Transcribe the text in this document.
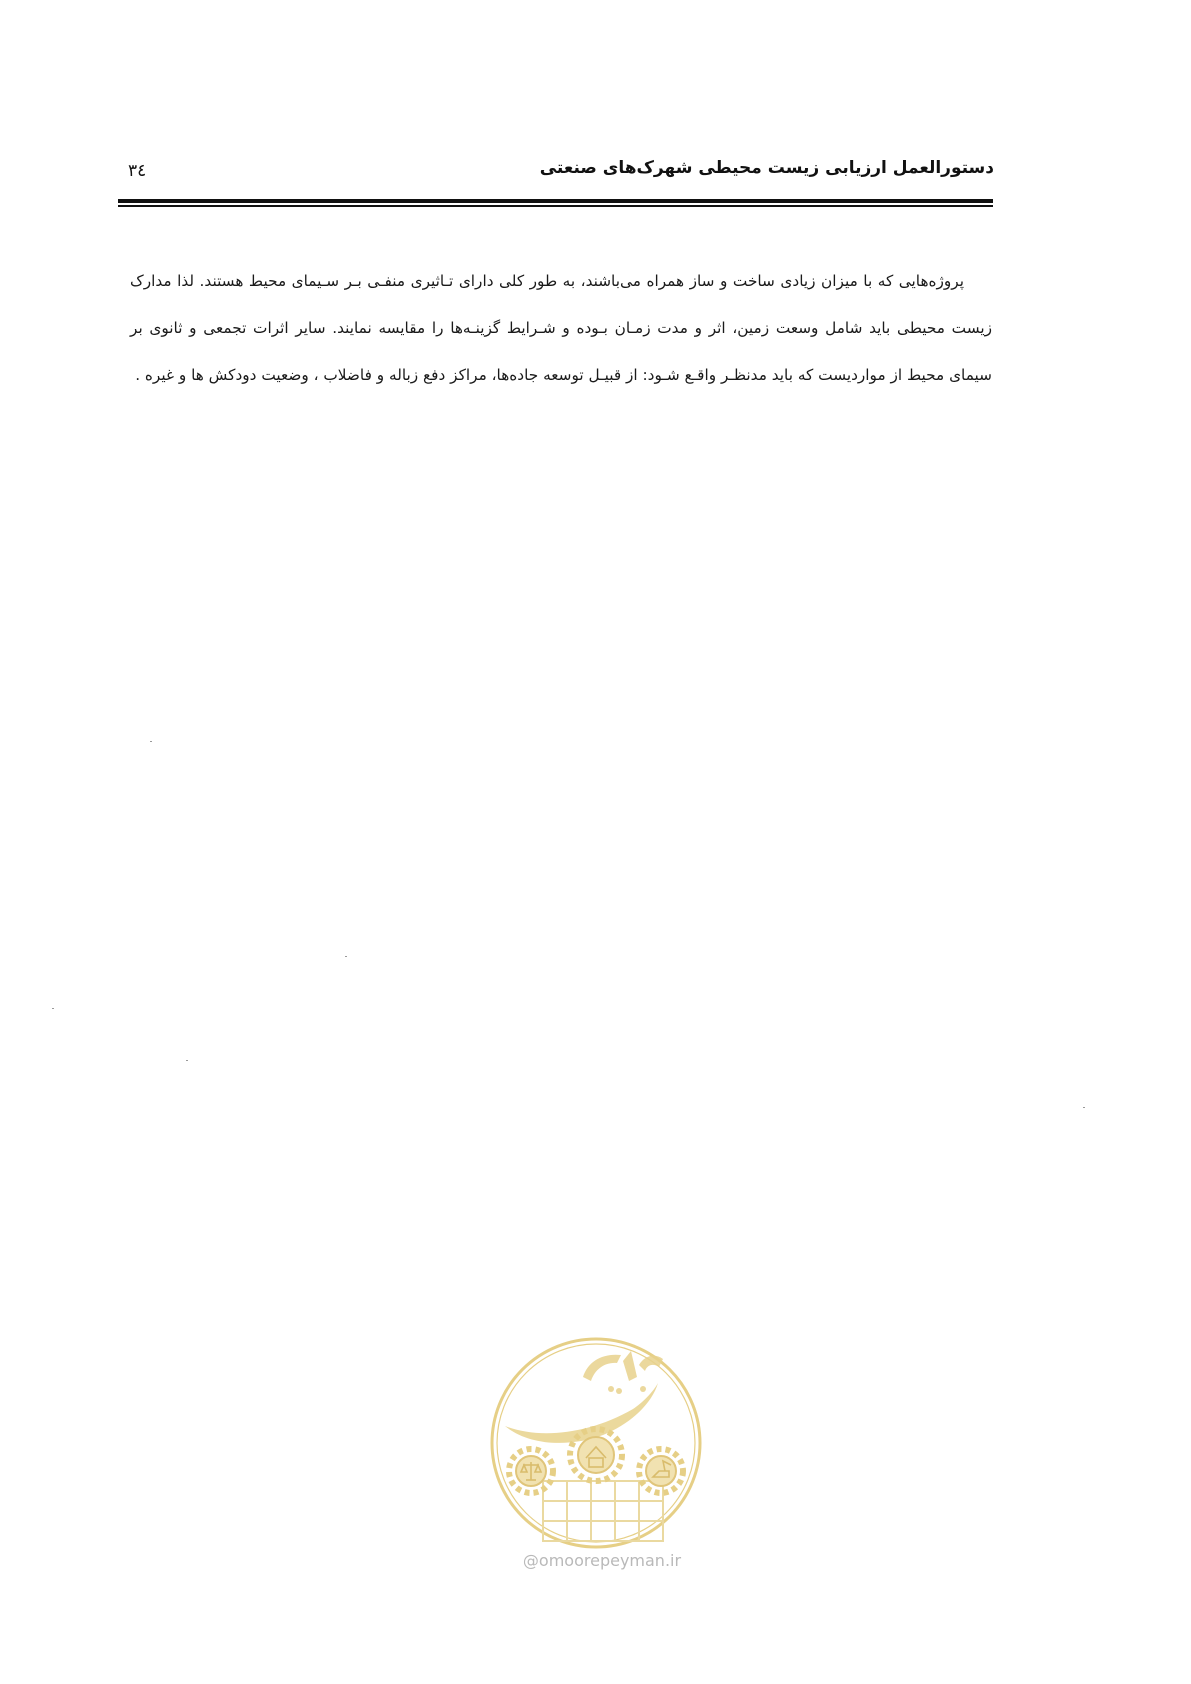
دستورالعمل ارزیابی زیست محیطی شهرک‌های صنعتی
٣٤

پروژه‌هایی که با میزان زیادی ساخت و ساز همراه می‌باشند، به طور کلی دارای تـاثیری منفـی بـر سـیمای محیط هستند. لذا مدارک زیست محیطی باید شامل وسعت زمین، اثر و مدت زمـان بـوده و شـرایط گزینـه‌ها را مقایسه نمایند. سایر اثرات تجمعی و ثانوی بر سیمای محیط از مواردیست که باید مدنظـر واقـع شـود: از قبیـل توسعه جاده‌ها، مراکز دفع زباله و فاضلاب ، وضعیت دودکش ها و غیره .

@omoorepeyman.ir
